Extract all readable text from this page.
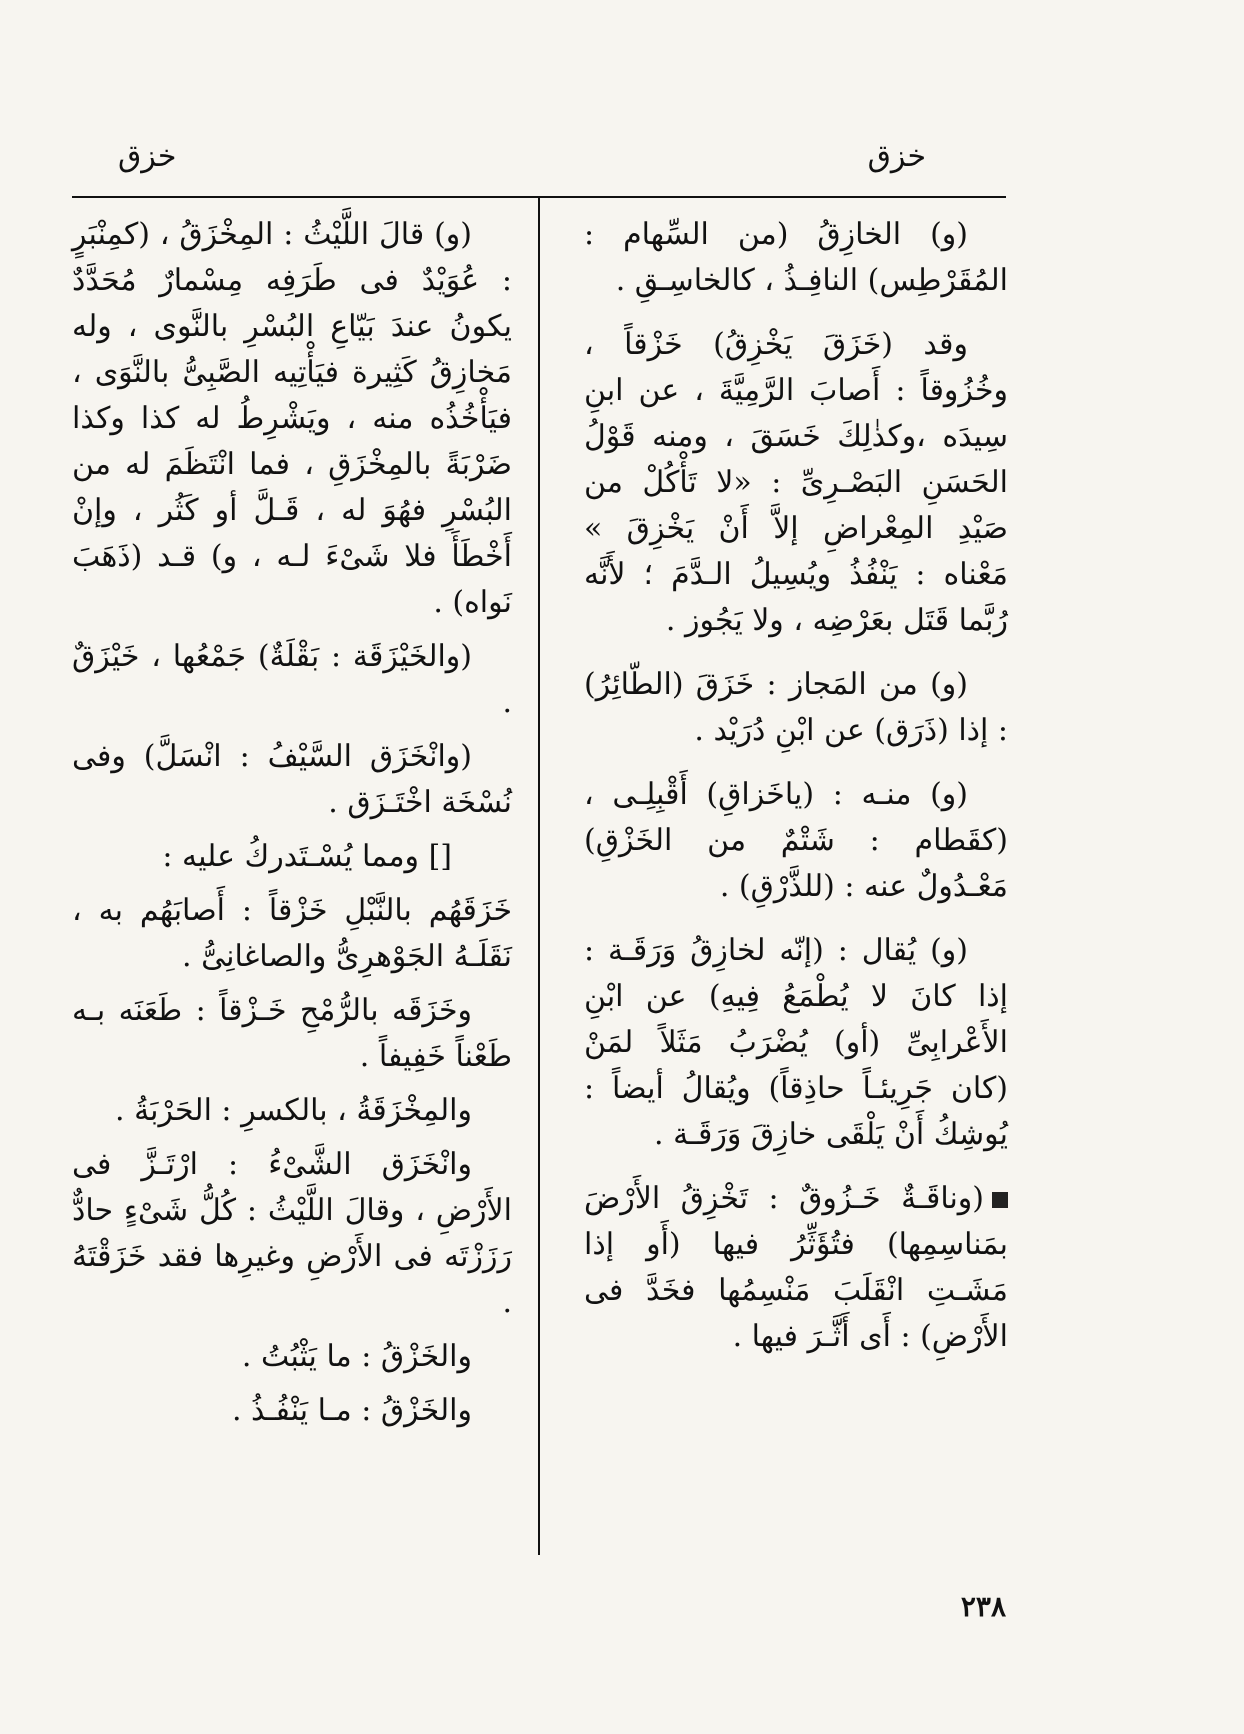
خزق
خزق

(و) الخازِقُ (من السِّهام : المُقَرْطِس) النافِـذُ ، كالخاسِـقِ .

وقد (خَزَقَ يَخْزِقُ) خَزْقاً ، وخُزُوقاً : أَصابَ الرَّمِيَّةَ ، عن ابنِ سِيدَه ،وكذٰلِكَ خَسَقَ ، ومنه قَوْلُ الحَسَنِ البَصْـرِىِّ : «لا تَأْكُلْ من صَيْدِ المِعْراضِ إلاَّ أَنْ يَخْزِقَ » مَعْناه : يَنْفُذُ ويُسِيلُ الـدَّمَ ؛ لأَنَّه رُبَّما قَتَل بعَرْضِه ، ولا يَجُوز .

(و) من المَجاز : خَزَقَ (الطّائِرُ) : إذا (ذَرَق) عن ابْنِ دُرَيْد .

(و) منـه : (ياخَزاقِ) أَقْبِلِـى ، (كقَطام : شَتْمٌ من الخَزْقِ) مَعْـدُولٌ عنه : (للذَّرْقِ) .

(و) يُقال : (إنّه لخازِقُ وَرَقَـة : إذا كانَ لا يُطْمَعُ فِيهِ) عن ابْنِ الأَعْرابِىِّ (أو) يُضْرَبُ مَثَلاً لمَنْ (كان جَرِيئـاً حاذِقاً) ويُقالُ أيضاً : يُوشِكُ أَنْ يَلْقَى خازِقَ وَرَقَـة .

(وناقَـةٌ خَـزُوقٌ : تَخْزِقُ الأَرْضَ بمَناسِمِها) فتُؤَثِّرُ فيها (أَو إذا مَشَـتِ انْقَلَبَ مَنْسِمُها فخَدَّ فى الأَرْضِ) : أَى أَثَّـرَ فيها .

(و) قالَ اللَّيْثُ : المِخْزَقُ ، (كمِنْبَرٍ : عُوَيْدٌ فى طَرَفِه مِسْمارٌ مُحَدَّدٌ يكونُ عندَ بَيّاعِ البُسْرِ بالنَّوى ، وله مَخازِقُ كَثِيرة فيَأْتِيه الصَّبِىُّ بالنَّوَى ، فيَأْخُذُه منه ، ويَشْرِطُ له كذا وكذا ضَرْبَةً بالمِخْزَقِ ، فما انْتَظَمَ له من البُسْرِ فهُوَ له ، قَـلَّ أو كَثُر ، وإنْ أَخْطَأَ فلا شَىْءَ لـه ، و) قـد (ذَهَبَ نَواه) .

(والخَيْزَقَة : بَقْلَةٌ) جَمْعُها ، خَيْزَقٌ .

(وانْخَزَق السَّيْفُ : انْسَلَّ) وفى نُسْخَة اخْتَـزَق .

[] ومما يُسْـتَدركُ عليه :

خَزَقَهُم بالنَّبْلِ خَزْقاً : أَصابَهُم به ، نَقَلَـهُ الجَوْهرِىُّ والصاغانِىُّ .

وخَزَقَه بالرُّمْحِ خَـزْقاً : طَعَنَه بـه طَعْناً خَفِيفاً .

والمِخْزَقَةُ ، بالكسرِ : الحَرْبَةُ .

وانْخَزَق الشَّىْءُ : ارْتَـزَّ فى الأَرْضِ ، وقالَ اللَّيْثُ : كُلُّ شَىْءٍ حادٌّ رَزَزْتَه فى الأَرْضِ وغيرِها فقد خَزَقْتَهُ .

والخَزْقُ : ما يَثْبُتُ .

والخَزْقُ : مـا يَنْفُـذُ .

٢٣٨
